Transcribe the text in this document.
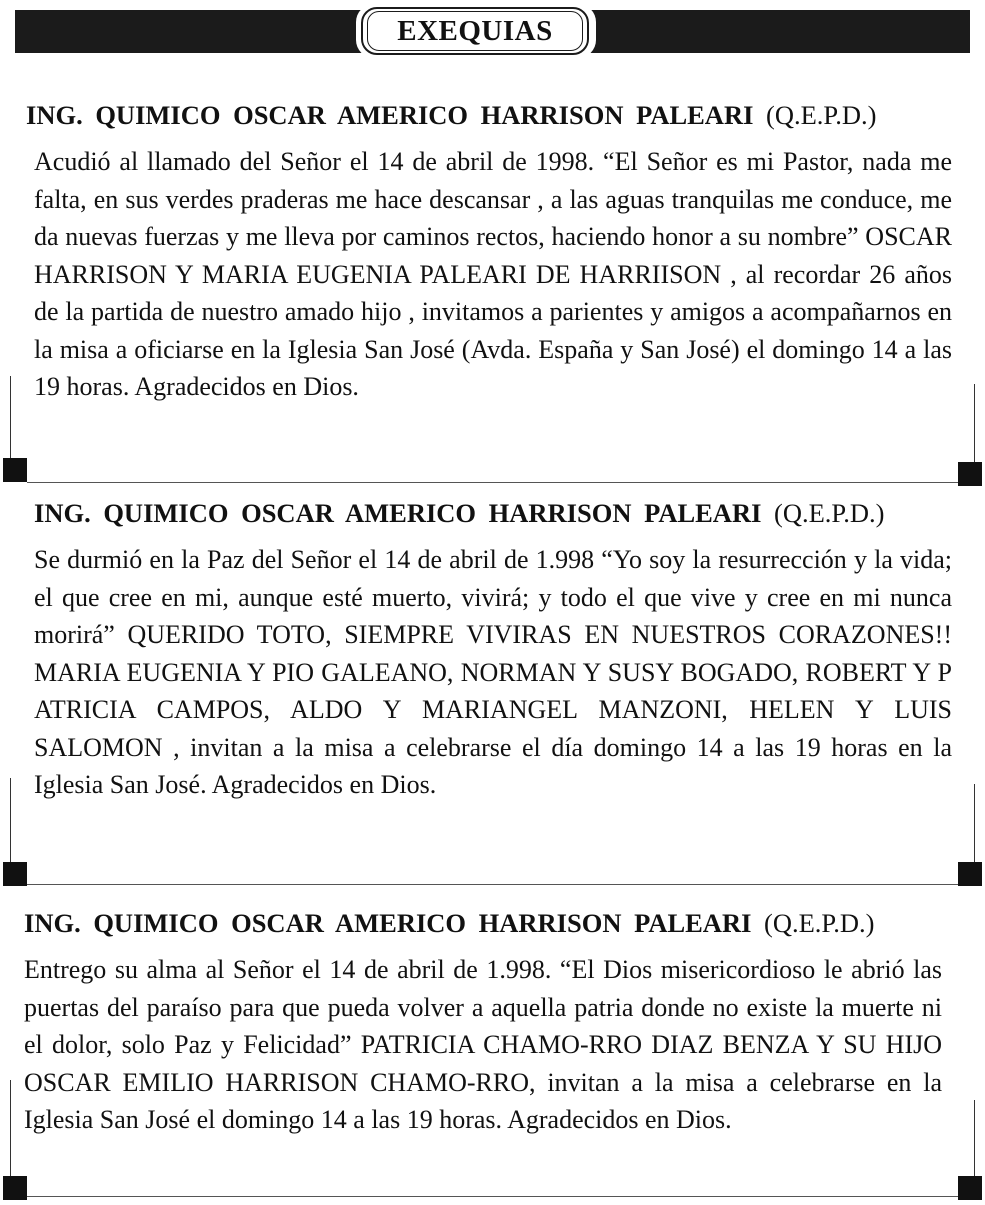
EXEQUIAS
ING. QUIMICO OSCAR AMERICO HARRISON PALEARI (Q.E.P.D.)
Acudió al llamado del Señor el 14 de abril de 1998. “El Señor es mi Pastor, nada me falta, en sus verdes praderas me hace descansar , a las aguas tranquilas me conduce, me da nuevas fuerzas y me lleva por caminos rectos, haciendo honor a su nombre” OSCAR HARRISON Y MARIA EUGENIA PALEARI DE HARRIISON , al recordar 26 años de la partida de nuestro amado hijo , invitamos a parientes y amigos a acompañarnos en la misa a oficiarse en la Iglesia San José (Avda. España y San José) el domingo 14 a las 19 horas. Agradecidos en Dios.
ING. QUIMICO OSCAR AMERICO HARRISON PALEARI (Q.E.P.D.)
Se durmió en la Paz del Señor el 14 de abril de 1.998 “Yo soy la resurrección y la vida; el que cree en mi, aunque esté muerto, vivirá; y todo el que vive y cree en mi nunca morirá” QUERIDO TOTO, SIEMPRE VIVIRAS EN NUESTROS CORAZONES!! MARIA EUGENIA Y PIO GALEANO, NORMAN Y SUSY BOGADO, ROBERT Y P ATRICIA CAMPOS, ALDO Y MARIANGEL MANZONI, HELEN Y LUIS SALOMON , invitan a la misa a celebrarse el día domingo 14 a las 19 horas en la Iglesia San José. Agradecidos en Dios.
ING. QUIMICO OSCAR AMERICO HARRISON PALEARI (Q.E.P.D.)
Entrego su alma al Señor el 14 de abril de 1.998. “El Dios misericordioso le abrió las puertas del paraíso para que pueda volver a aquella patria donde no existe la muerte ni el dolor, solo Paz y Felicidad” PATRICIA CHAMO-RRO DIAZ BENZA Y SU HIJO OSCAR EMILIO HARRISON CHAMO-RRO, invitan a la misa a celebrarse en la Iglesia San José el domingo 14 a las 19 horas. Agradecidos en Dios.
